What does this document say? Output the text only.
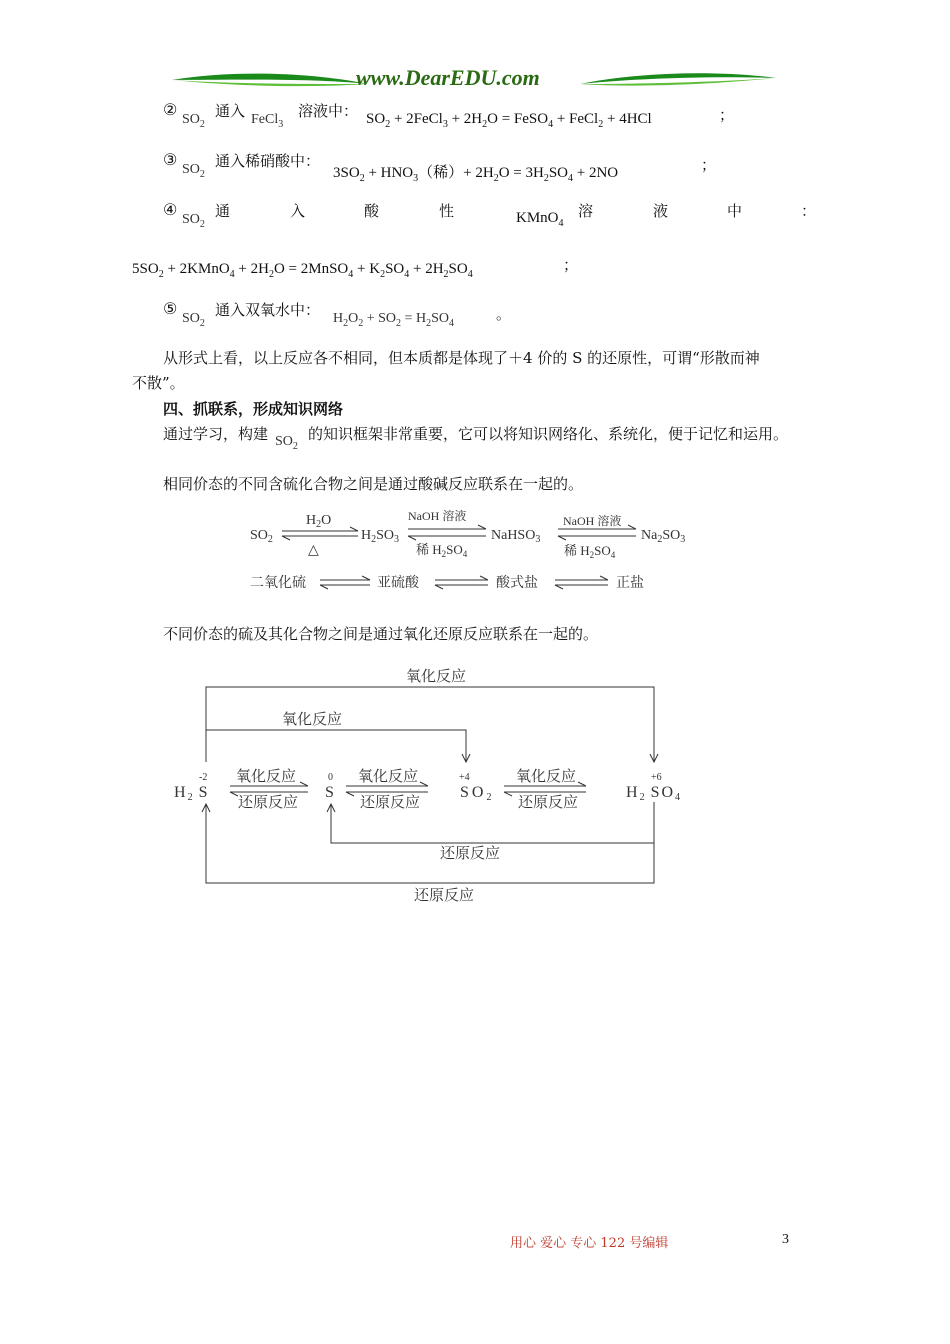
www.DearEDU.com
②
$SO_2$
通入 FeCl$_3$
溶液中： $SO_2$ + 2FeCl$_3$ + $2H_2O$ = FeSO$_4$ + FeCl$_2$ + 4HCl	；
③
$SO_2$
通入稀硝酸中：
$3SO_2 + HNO_3$（稀）+ $2H_2O = 3H_2SO_4 + 2NO$	；
④
$SO_2$
通	入	酸	性	KMnO$_4$
溶	液	中	：
$5SO_2$ + 2KMnO$_4$ + $2H_2O$ = 2MnSO$_4$ + $K_2SO_4 + 2H_2SO_4$
；
⑤
$SO_2$
通入双氧水中： $H_2O_2 + SO_2 = H_2SO_4$
。
从形式上看，以上反应各不相同，但本质都是体现了＋4 价的 S 的还原性，可谓“形散而神
不散”。
四、抓联系，形成知识网络
通过学习，构建 $SO_2$
的知识框架非常重要，它可以将知识网络化、系统化，便于记忆和运用。
相同价态的不同含硫化合物之间是通过酸碱反应联系在一起的。
$SO_2$	$H_2SO_3$	NaHSO$_3$	$Na_2SO_3$
$H_2O$
△
NaOH 溶液
稀 $H_2SO_4$
NaOH 溶液
稀 $H_2SO_4$
二氧化硫	亚硫酸	酸式盐	正盐
不同价态的硫及其化合物之间是通过氧化还原反应联系在一起的。
氧化反应
氧化反应
氧化反应
还原反应
氧化反应
还原反应
氧化反应
还原反应
还原反应
还原反应
-2
H 2 S
0
S
+4
SO2
+6
H 2 SO4
用心 爱心 专心 122 号编辑	3
